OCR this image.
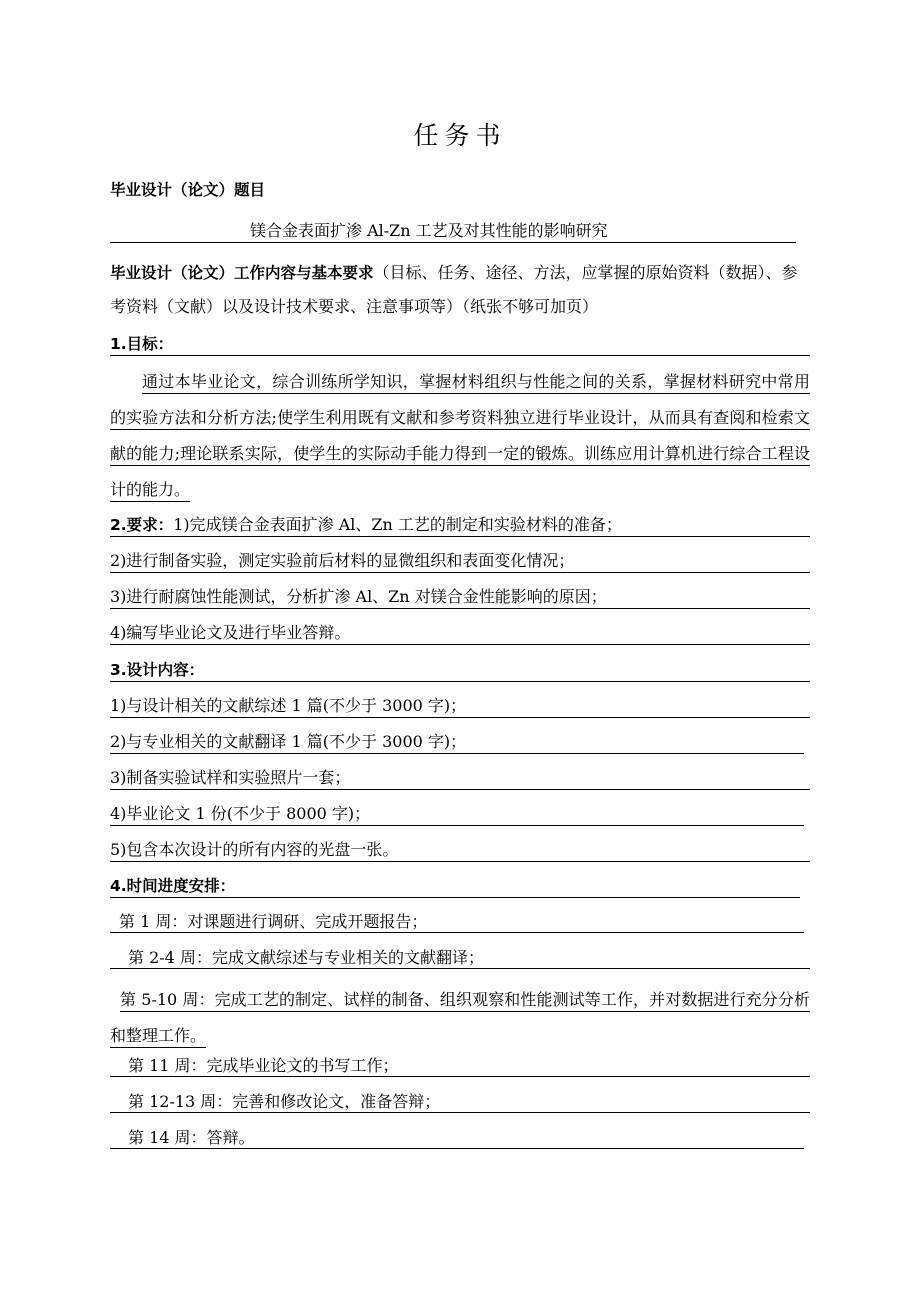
任务书
毕业设计（论文）题目
镁合金表面扩渗 Al-Zn 工艺及对其性能的影响研究
毕业设计（论文）工作内容与基本要求（目标、任务、途径、方法，应掌握的原始资料（数据）、参考资料（文献）以及设计技术要求、注意事项等）（纸张不够可加页）
1.目标：
通过本毕业论文，综合训练所学知识，掌握材料组织与性能之间的关系，掌握材料研究中常用的实验方法和分析方法;使学生利用既有文献和参考资料独立进行毕业设计，从而具有查阅和检索文献的能力;理论联系实际，使学生的实际动手能力得到一定的锻炼。训练应用计算机进行综合工程设计的能力。
2.要求：1)完成镁合金表面扩渗 Al、Zn 工艺的制定和实验材料的准备；
2)进行制备实验，测定实验前后材料的显微组织和表面变化情况；
3)进行耐腐蚀性能测试，分析扩渗 Al、Zn 对镁合金性能影响的原因；
4)编写毕业论文及进行毕业答辩。
3.设计内容：
1)与设计相关的文献综述 1 篇(不少于 3000 字)；
2)与专业相关的文献翻译 1 篇(不少于 3000 字)；
3)制备实验试样和实验照片一套；
4)毕业论文 1 份(不少于 8000 字)；
5)包含本次设计的所有内容的光盘一张。
4.时间进度安排：
第 1 周：对课题进行调研、完成开题报告；
第 2-4 周：完成文献综述与专业相关的文献翻译；
第 5-10 周：完成工艺的制定、试样的制备、组织观察和性能测试等工作，并对数据进行充分分析和整理工作。
第 11 周：完成毕业论文的书写工作；
第 12-13 周：完善和修改论文，准备答辩；
第 14 周：答辩。
